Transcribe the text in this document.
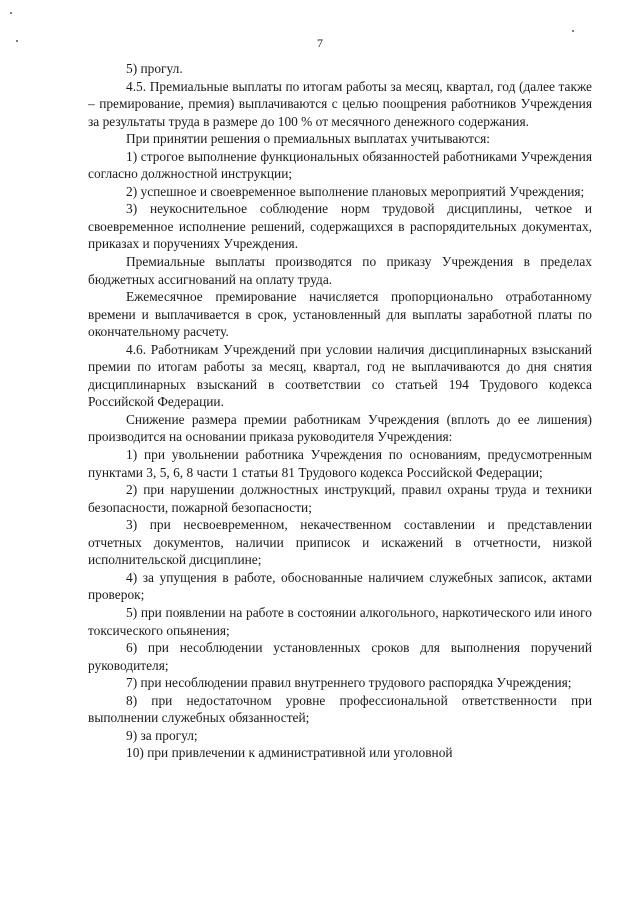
7

5) прогул.

4.5. Премиальные выплаты по итогам работы за месяц, квартал, год (далее также – премирование, премия) выплачиваются с целью поощрения работников Учреждения за результаты труда в размере до 100 % от месячного денежного содержания.

При принятии решения о премиальных выплатах учитываются:

1) строгое выполнение функциональных обязанностей работниками Учреждения согласно должностной инструкции;

2) успешное и своевременное выполнение плановых мероприятий Учреждения;

3) неукоснительное соблюдение норм трудовой дисциплины, четкое и своевременное исполнение решений, содержащихся в распорядительных документах, приказах и поручениях Учреждения.

Премиальные выплаты производятся по приказу Учреждения в пределах бюджетных ассигнований на оплату труда.

Ежемесячное премирование начисляется пропорционально отработанному времени и выплачивается в срок, установленный для выплаты заработной платы по окончательному расчету.

4.6. Работникам Учреждений при условии наличия дисциплинарных взысканий премии по итогам работы за месяц, квартал, год не выплачиваются до дня снятия дисциплинарных взысканий в соответствии со статьей 194 Трудового кодекса Российской Федерации.

Снижение размера премии работникам Учреждения (вплоть до ее лишения) производится на основании приказа руководителя Учреждения:

1) при увольнении работника Учреждения по основаниям, предусмотренным пунктами 3, 5, 6, 8 части 1 статьи 81 Трудового кодекса Российской Федерации;

2) при нарушении должностных инструкций, правил охраны труда и техники безопасности, пожарной безопасности;

3) при несвоевременном, некачественном составлении и представлении отчетных документов, наличии приписок и искажений в отчетности, низкой исполнительской дисциплине;

4) за упущения в работе, обоснованные наличием служебных записок, актами проверок;

5) при появлении на работе в состоянии алкогольного, наркотического или иного токсического опьянения;

6) при несоблюдении установленных сроков для выполнения поручений руководителя;

7) при несоблюдении правил внутреннего трудового распорядка Учреждения;

8) при недостаточном уровне профессиональной ответственности при выполнении служебных обязанностей;

9) за прогул;

10) при привлечении к административной или уголовной
